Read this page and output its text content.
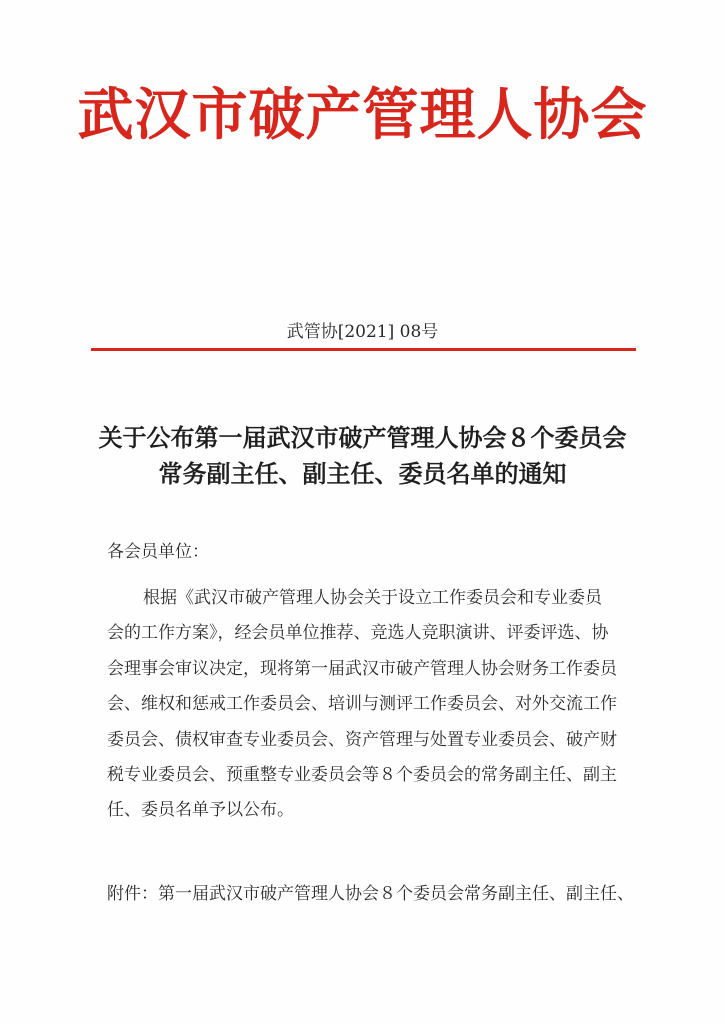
武汉市破产管理人协会
武管协[2021] 08号
关于公布第一届武汉市破产管理人协会８个委员会
常务副主任、副主任、委员名单的通知
各会员单位：
根据《武汉市破产管理人协会关于设立工作委员会和专业委员
会的工作方案》，经会员单位推荐、竞选人竞职演讲、评委评选、协
会理事会审议决定，现将第一届武汉市破产管理人协会财务工作委员
会、维权和惩戒工作委员会、培训与测评工作委员会、对外交流工作
委员会、债权审查专业委员会、资产管理与处置专业委员会、破产财
税专业委员会、预重整专业委员会等８个委员会的常务副主任、副主
任、委员名单予以公布。
附件：第一届武汉市破产管理人协会８个委员会常务副主任、副主任、
